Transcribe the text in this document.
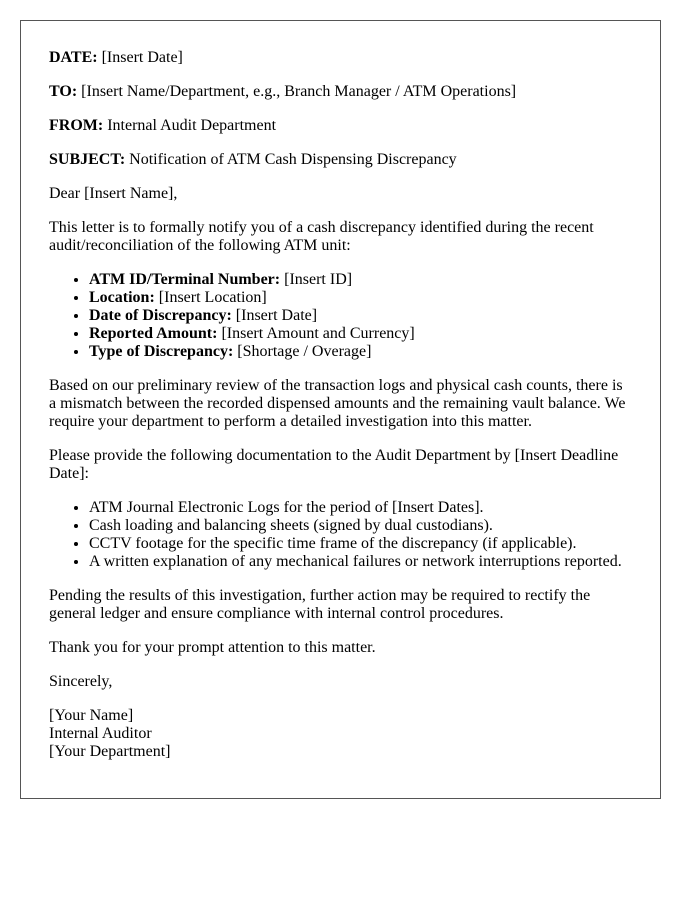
DATE: [Insert Date]

TO: [Insert Name/Department, e.g., Branch Manager / ATM Operations]

FROM: Internal Audit Department

SUBJECT: Notification of ATM Cash Dispensing Discrepancy

Dear [Insert Name],

This letter is to formally notify you of a cash discrepancy identified during the recent audit/reconciliation of the following ATM unit:

• ATM ID/Terminal Number: [Insert ID]
• Location: [Insert Location]
• Date of Discrepancy: [Insert Date]
• Reported Amount: [Insert Amount and Currency]
• Type of Discrepancy: [Shortage / Overage]

Based on our preliminary review of the transaction logs and physical cash counts, there is a mismatch between the recorded dispensed amounts and the remaining vault balance. We require your department to perform a detailed investigation into this matter.

Please provide the following documentation to the Audit Department by [Insert Deadline Date]:

• ATM Journal Electronic Logs for the period of [Insert Dates].
• Cash loading and balancing sheets (signed by dual custodians).
• CCTV footage for the specific time frame of the discrepancy (if applicable).
• A written explanation of any mechanical failures or network interruptions reported.

Pending the results of this investigation, further action may be required to rectify the general ledger and ensure compliance with internal control procedures.

Thank you for your prompt attention to this matter.

Sincerely,

[Your Name]
Internal Auditor
[Your Department]
